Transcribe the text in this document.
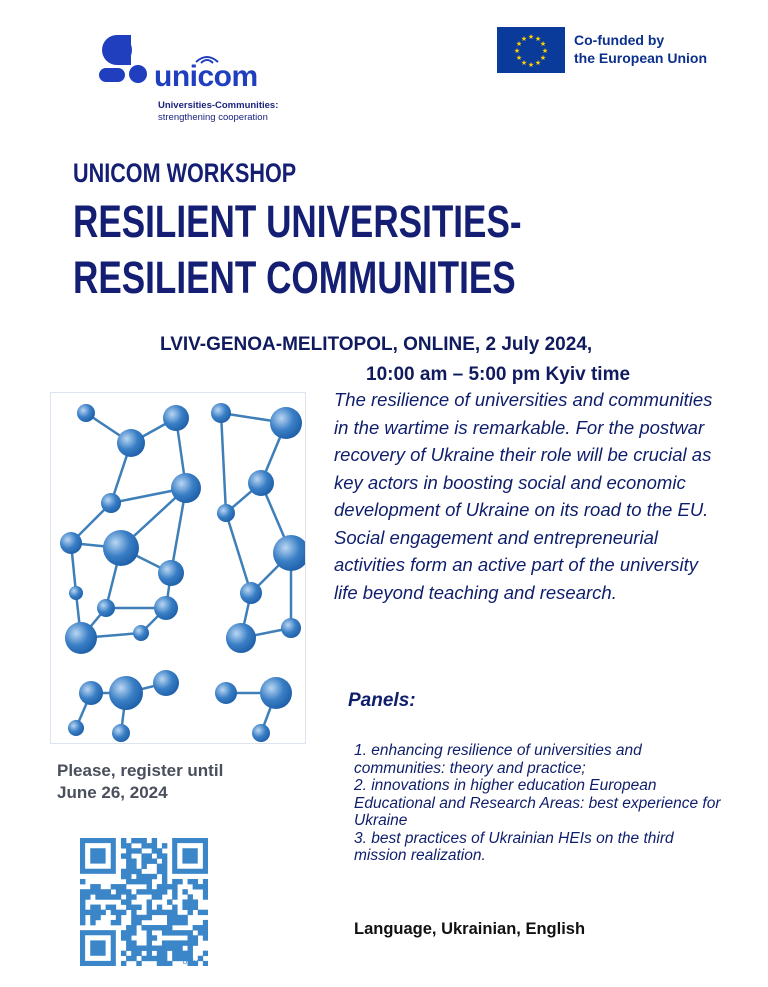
unicom
Universities-Communities:
strengthening cooperation
★ ★
★
★
★
★
★
★
★
★
★
★	Co-funded by
the European Union
UNICOM WORKSHOP
RESILIENT UNIVERSITIES-
RESILIENT COMMUNITIES
LVIV-GENOA-MELITOPOL, ONLINE, 2 July 2024,
10:00 am – 5:00 pm Kyiv time
The resilience of universities and communities in the wartime is remarkable. For the postwar recovery of Ukraine their role will be crucial as key actors in boosting social and economic development of Ukraine on its road to the EU. Social engagement and entrepreneurial activities form an active part of the university life beyond teaching and research.
Panels:
1. enhancing resilience of universities and communities: theory and practice;
2. innovations in higher education European Educational and Research Areas: best experience for Ukraine
3. best practices of Ukrainian HEIs on the third mission realization.
Please, register until
June 26, 2024
bitly
Language, Ukrainian, English
